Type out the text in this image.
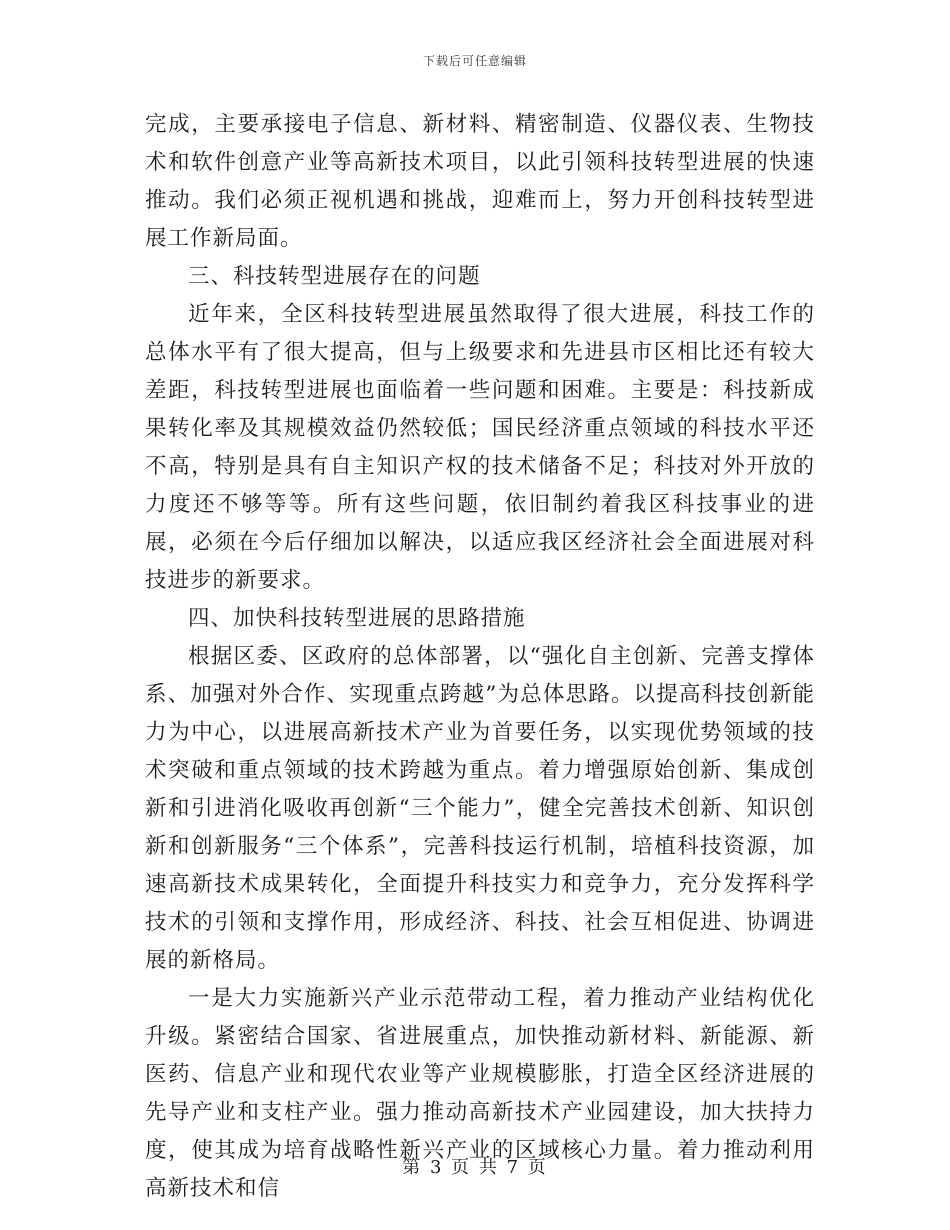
下载后可任意编辑

完成，主要承接电子信息、新材料、精密制造、仪器仪表、生物技术和软件创意产业等高新技术项目，以此引领科技转型进展的快速推动。我们必须正视机遇和挑战，迎难而上，努力开创科技转型进展工作新局面。

三、科技转型进展存在的问题

近年来，全区科技转型进展虽然取得了很大进展，科技工作的总体水平有了很大提高，但与上级要求和先进县市区相比还有较大差距，科技转型进展也面临着一些问题和困难。主要是：科技新成果转化率及其规模效益仍然较低；国民经济重点领域的科技水平还不高，特别是具有自主知识产权的技术储备不足；科技对外开放的力度还不够等等。所有这些问题，依旧制约着我区科技事业的进展，必须在今后仔细加以解决，以适应我区经济社会全面进展对科技进步的新要求。

四、加快科技转型进展的思路措施

根据区委、区政府的总体部署，以“强化自主创新、完善支撑体系、加强对外合作、实现重点跨越”为总体思路。以提高科技创新能力为中心，以进展高新技术产业为首要任务，以实现优势领域的技术突破和重点领域的技术跨越为重点。着力增强原始创新、集成创新和引进消化吸收再创新“三个能力”，健全完善技术创新、知识创新和创新服务“三个体系”，完善科技运行机制，培植科技资源，加速高新技术成果转化，全面提升科技实力和竞争力，充分发挥科学技术的引领和支撑作用，形成经济、科技、社会互相促进、协调进展的新格局。

一是大力实施新兴产业示范带动工程，着力推动产业结构优化升级。紧密结合国家、省进展重点，加快推动新材料、新能源、新医药、信息产业和现代农业等产业规模膨胀，打造全区经济进展的先导产业和支柱产业。强力推动高新技术产业园建设，加大扶持力度，使其成为培育战略性新兴产业的区域核心力量。着力推动利用高新技术和信

第 3 页 共 7 页
